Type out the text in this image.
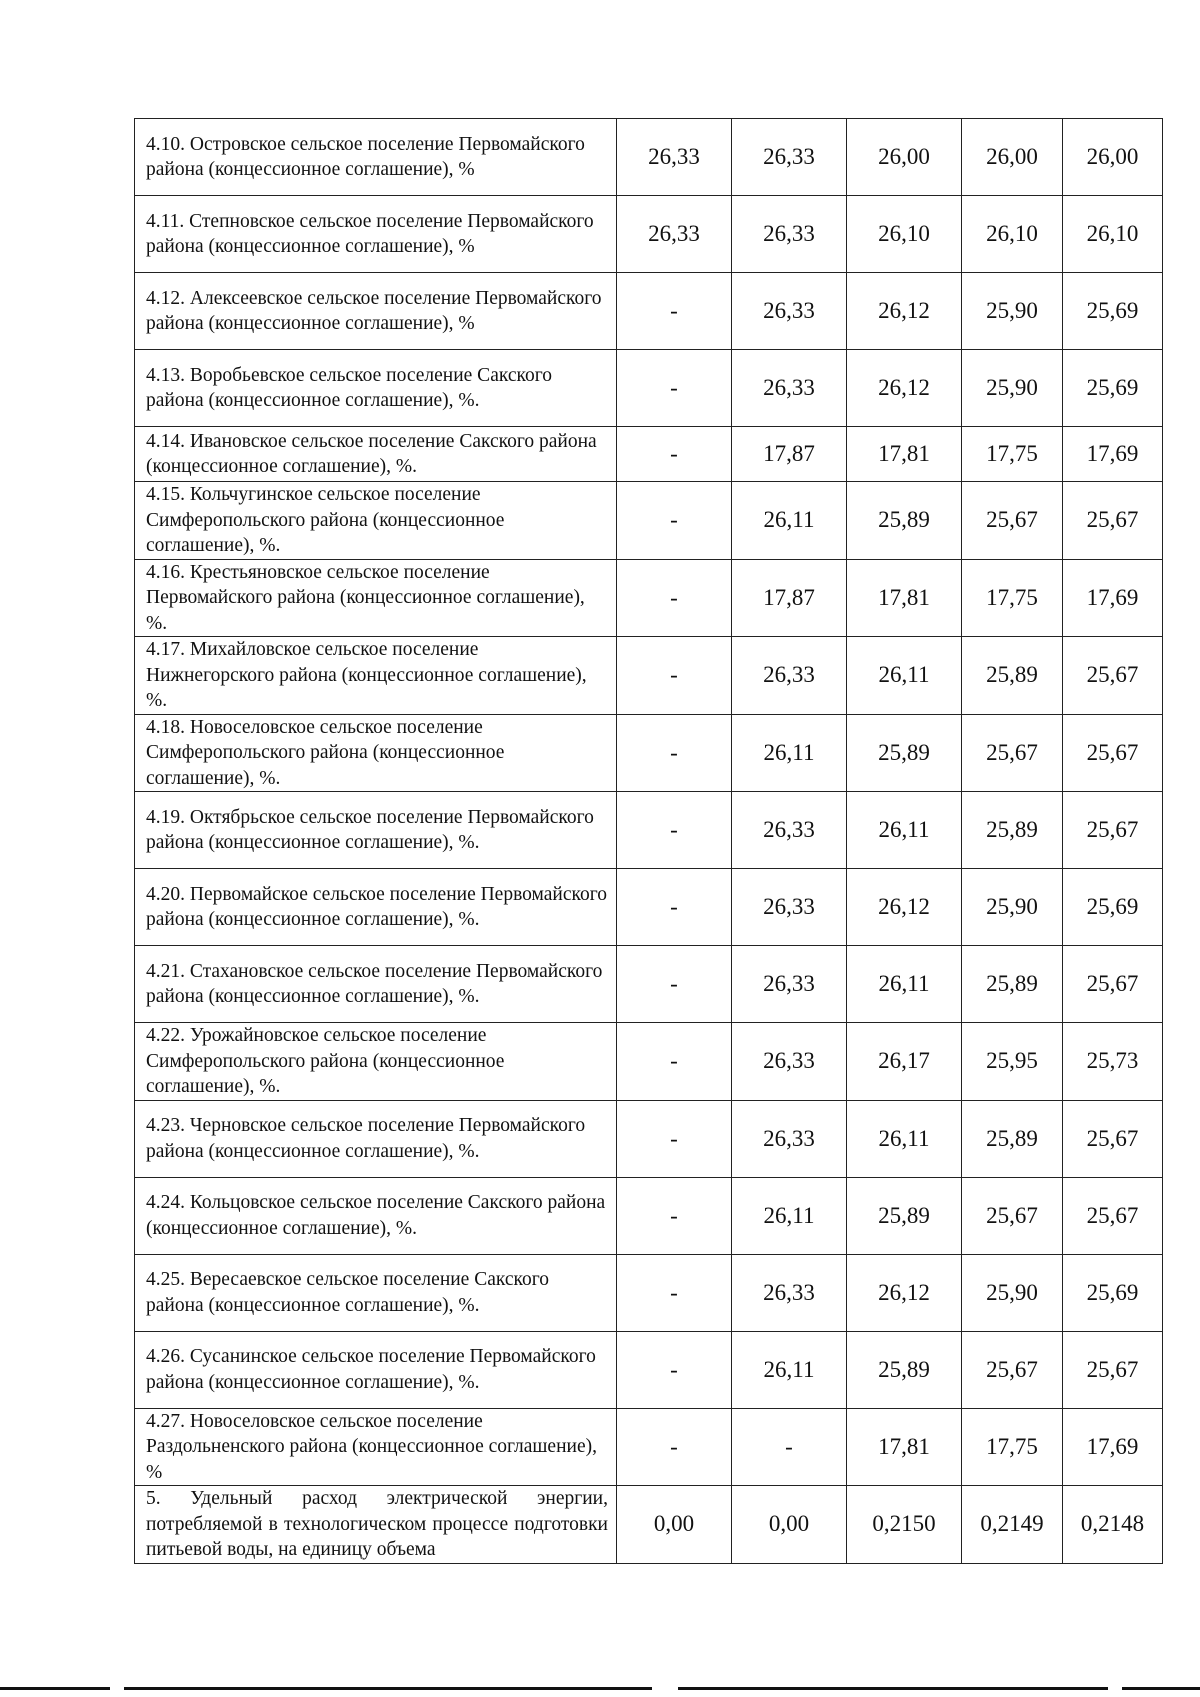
4.10. Островское сельское поселение Первомайского района (концессионное соглашение), %	26,33	26,33	26,00	26,00	26,00
4.11. Степновское сельское поселение Первомайского района (концессионное соглашение), %	26,33	26,33	26,10	26,10	26,10
4.12. Алексеевское сельское поселение Первомайского района (концессионное соглашение), %	-	26,33	26,12	25,90	25,69
4.13. Воробьевское сельское поселение Сакского района (концессионное соглашение), %.	-	26,33	26,12	25,90	25,69
4.14. Ивановское сельское поселение Сакского района (концессионное соглашение), %.	-	17,87	17,81	17,75	17,69
4.15. Кольчугинское сельское поселение Симферопольского района (концессионное соглашение), %.	-	26,11	25,89	25,67	25,67
4.16. Крестьяновское сельское поселение Первомайского района (концессионное соглашение), %.	-	17,87	17,81	17,75	17,69
4.17. Михайловское сельское поселение Нижнегорского района (концессионное соглашение), %.	-	26,33	26,11	25,89	25,67
4.18. Новоселовское сельское поселение Симферопольского района (концессионное соглашение), %.	-	26,11	25,89	25,67	25,67
4.19. Октябрьское сельское поселение Первомайского района (концессионное соглашение), %.	-	26,33	26,11	25,89	25,67
4.20. Первомайское сельское поселение Первомайского района (концессионное соглашение), %.	-	26,33	26,12	25,90	25,69
4.21. Стахановское сельское поселение Первомайского района (концессионное соглашение), %.	-	26,33	26,11	25,89	25,67
4.22. Урожайновское сельское поселение Симферопольского района (концессионное соглашение), %.	-	26,33	26,17	25,95	25,73
4.23. Черновское сельское поселение Первомайского района (концессионное соглашение), %.	-	26,33	26,11	25,89	25,67
4.24. Кольцовское сельское поселение Сакского района (концессионное соглашение), %.	-	26,11	25,89	25,67	25,67
4.25. Вересаевское сельское поселение Сакского района (концессионное соглашение), %.	-	26,33	26,12	25,90	25,69
4.26. Сусанинское сельское поселение Первомайского района (концессионное соглашение), %.	-	26,11	25,89	25,67	25,67
4.27. Новоселовское сельское поселение Раздольненского района (концессионное соглашение), %	-	-	17,81	17,75	17,69
5. Удельный расход электрической энергии, потребляемой в технологическом процессе подготовки питьевой воды, на единицу объема	0,00	0,00	0,2150	0,2149	0,2148
